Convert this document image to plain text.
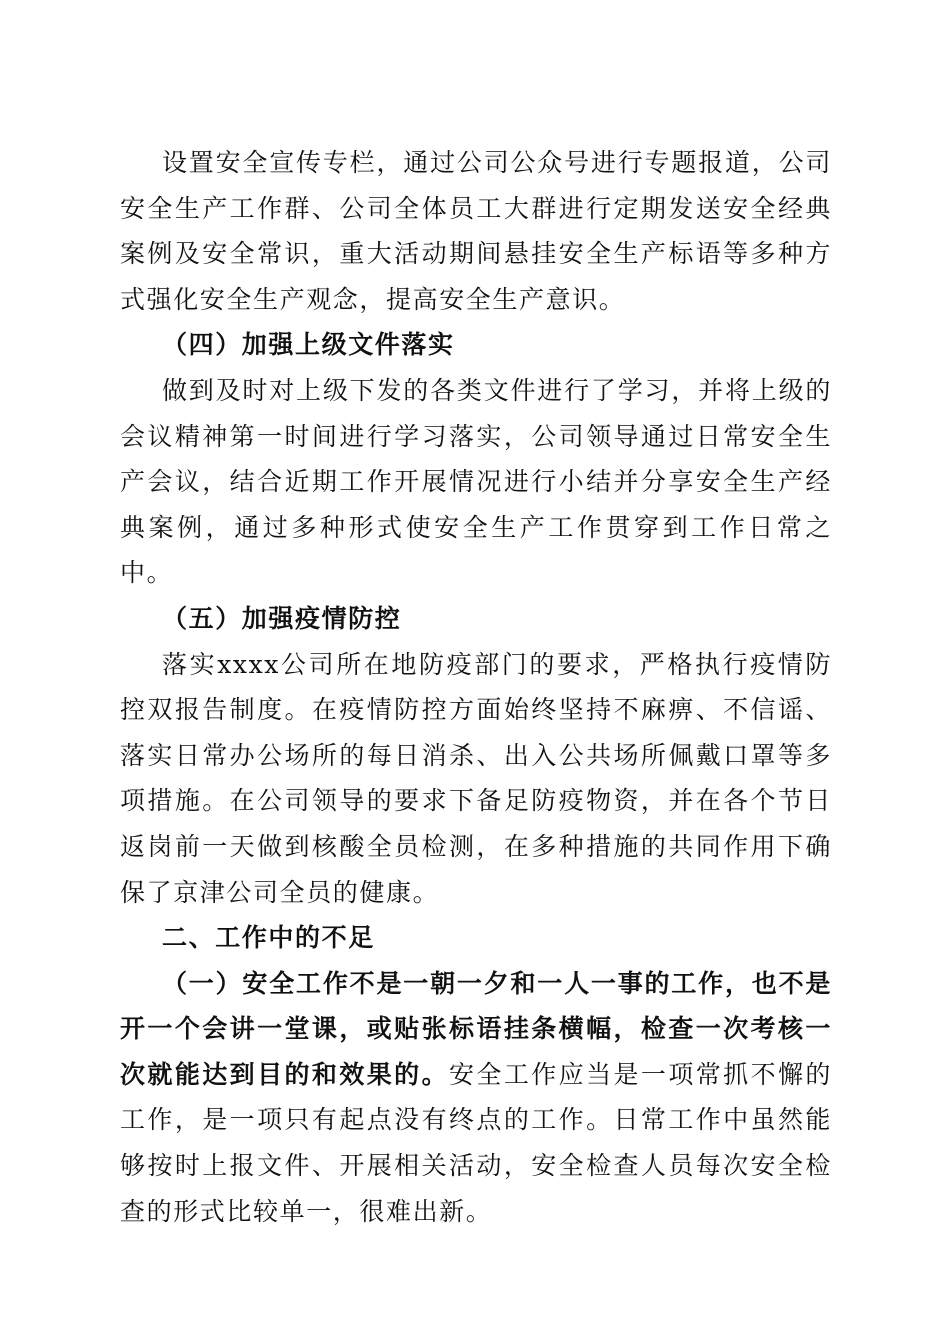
设置安全宣传专栏，通过公司公众号进行专题报道，公司安全生产工作群、公司全体员工大群进行定期发送安全经典案例及安全常识，重大活动期间悬挂安全生产标语等多种方式强化安全生产观念，提高安全生产意识。

（四）加强上级文件落实

做到及时对上级下发的各类文件进行了学习，并将上级的会议精神第一时间进行学习落实，公司领导通过日常安全生产会议，结合近期工作开展情况进行小结并分享安全生产经典案例，通过多种形式使安全生产工作贯穿到工作日常之中。

（五）加强疫情防控

落实xxxx公司所在地防疫部门的要求，严格执行疫情防控双报告制度。在疫情防控方面始终坚持不麻痹、不信谣、落实日常办公场所的每日消杀、出入公共场所佩戴口罩等多项措施。在公司领导的要求下备足防疫物资，并在各个节日返岗前一天做到核酸全员检测，在多种措施的共同作用下确保了京津公司全员的健康。

二、工作中的不足

（一）安全工作不是一朝一夕和一人一事的工作，也不是开一个会讲一堂课，或贴张标语挂条横幅，检查一次考核一次就能达到目的和效果的。安全工作应当是一项常抓不懈的工作，是一项只有起点没有终点的工作。日常工作中虽然能够按时上报文件、开展相关活动，安全检查人员每次安全检查的形式比较单一，很难出新。
